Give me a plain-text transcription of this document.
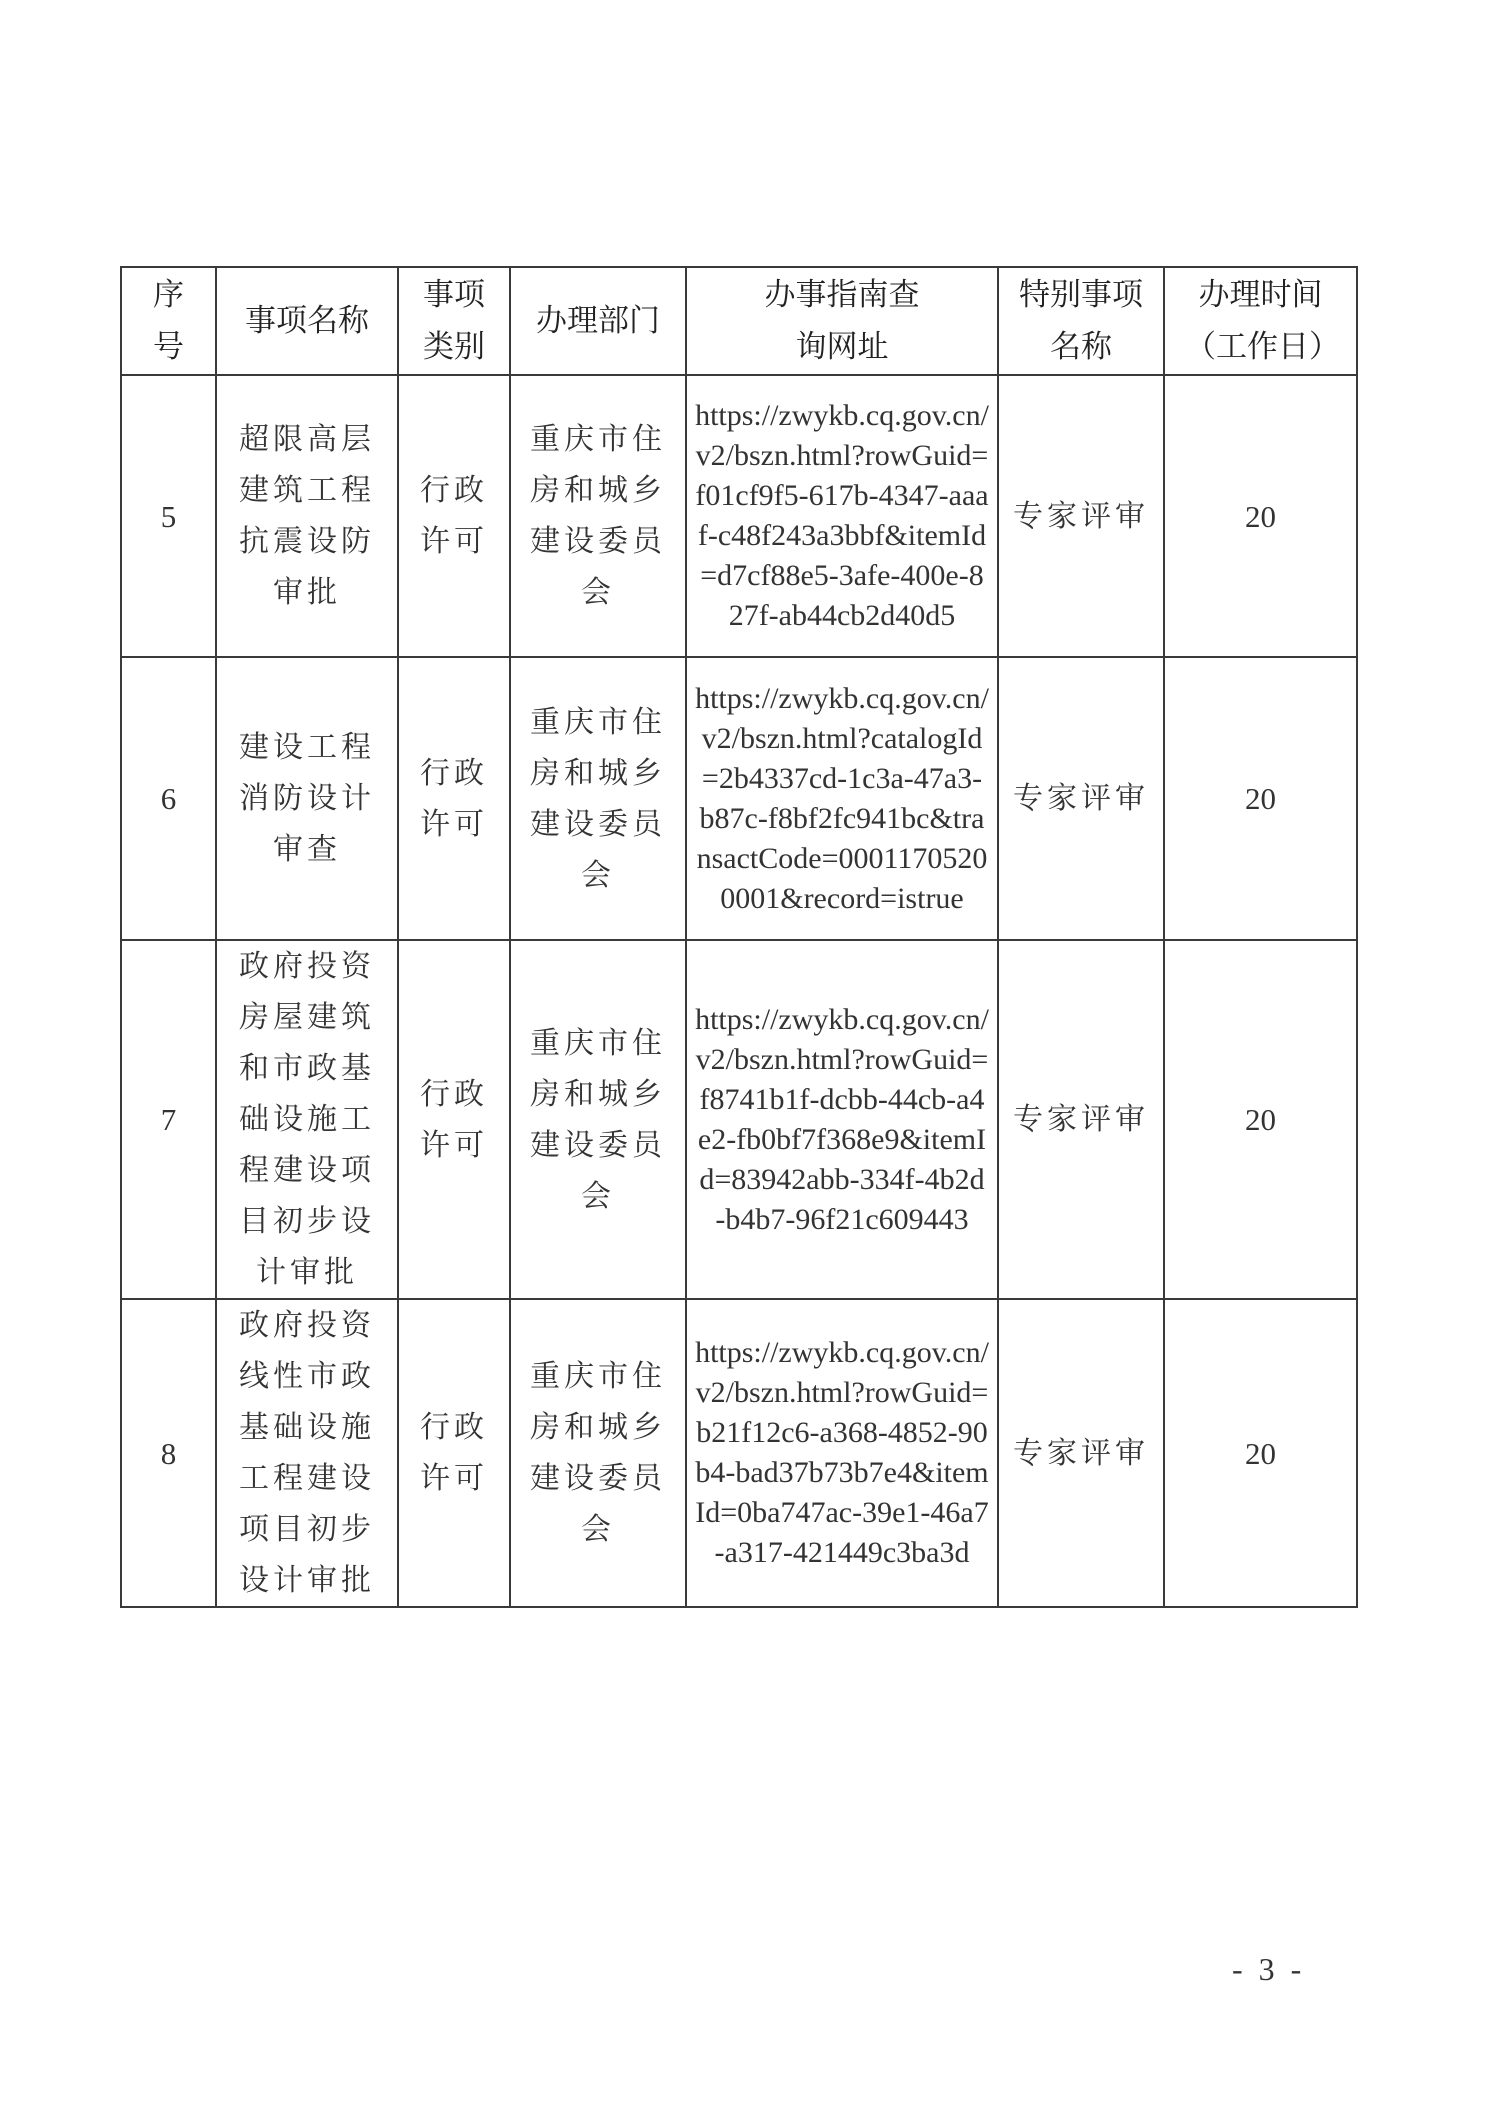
序号	事项名称	事项类别	办理部门	办事指南查询网址	特别事项名称	办理时间（工作日）
5	超限高层建筑工程抗震设防审批	行政许可	重庆市住房和城乡建设委员会	https://zwykb.cq.gov.cn/v2/bszn.html?rowGuid=f01cf9f5-617b-4347-aaaf-c48f243a3bbf&itemId=d7cf88e5-3afe-400e-827f-ab44cb2d40d5	专家评审	20
6	建设工程消防设计审查	行政许可	重庆市住房和城乡建设委员会	https://zwykb.cq.gov.cn/v2/bszn.html?catalogId=2b4337cd-1c3a-47a3-b87c-f8bf2fc941bc&transactCode=00011705200001&record=istrue	专家评审	20
7	政府投资房屋建筑和市政基础设施工程建设项目初步设计审批	行政许可	重庆市住房和城乡建设委员会	https://zwykb.cq.gov.cn/v2/bszn.html?rowGuid=f8741b1f-dcbb-44cb-a4e2-fb0bf7f368e9&itemId=83942abb-334f-4b2d-b4b7-96f21c609443	专家评审	20
8	政府投资线性市政基础设施工程建设项目初步设计审批	行政许可	重庆市住房和城乡建设委员会	https://zwykb.cq.gov.cn/v2/bszn.html?rowGuid=b21f12c6-a368-4852-90b4-bad37b73b7e4&itemId=0ba747ac-39e1-46a7-a317-421449c3ba3d	专家评审	20
- 3 -
